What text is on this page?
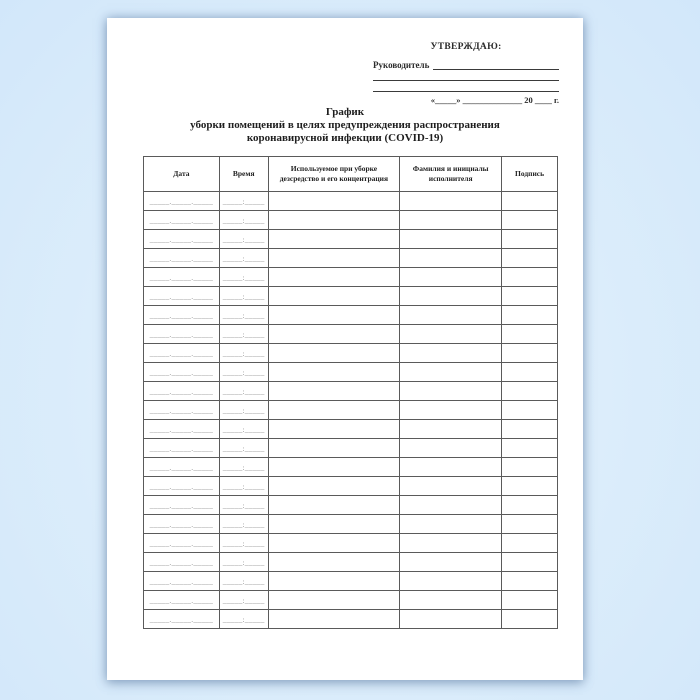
УТВЕРЖДАЮ:
Руководитель
«_____» ______________ 20 ____ г.
График
уборки помещений в целях предупреждения распространения
коронавирусной инфекции (COVID-19)
Дата	Время	Используемое при уборке дезсредство и его концентрация	Фамилия и инициалы исполнителя	Подпись
_____._____._____	_____:_____			
_____._____._____	_____:_____			
_____._____._____	_____:_____			
_____._____._____	_____:_____			
_____._____._____	_____:_____			
_____._____._____	_____:_____			
_____._____._____	_____:_____			
_____._____._____	_____:_____			
_____._____._____	_____:_____			
_____._____._____	_____:_____			
_____._____._____	_____:_____			
_____._____._____	_____:_____			
_____._____._____	_____:_____			
_____._____._____	_____:_____			
_____._____._____	_____:_____			
_____._____._____	_____:_____			
_____._____._____	_____:_____			
_____._____._____	_____:_____			
_____._____._____	_____:_____			
_____._____._____	_____:_____			
_____._____._____	_____:_____			
_____._____._____	_____:_____			
_____._____._____	_____:_____			
